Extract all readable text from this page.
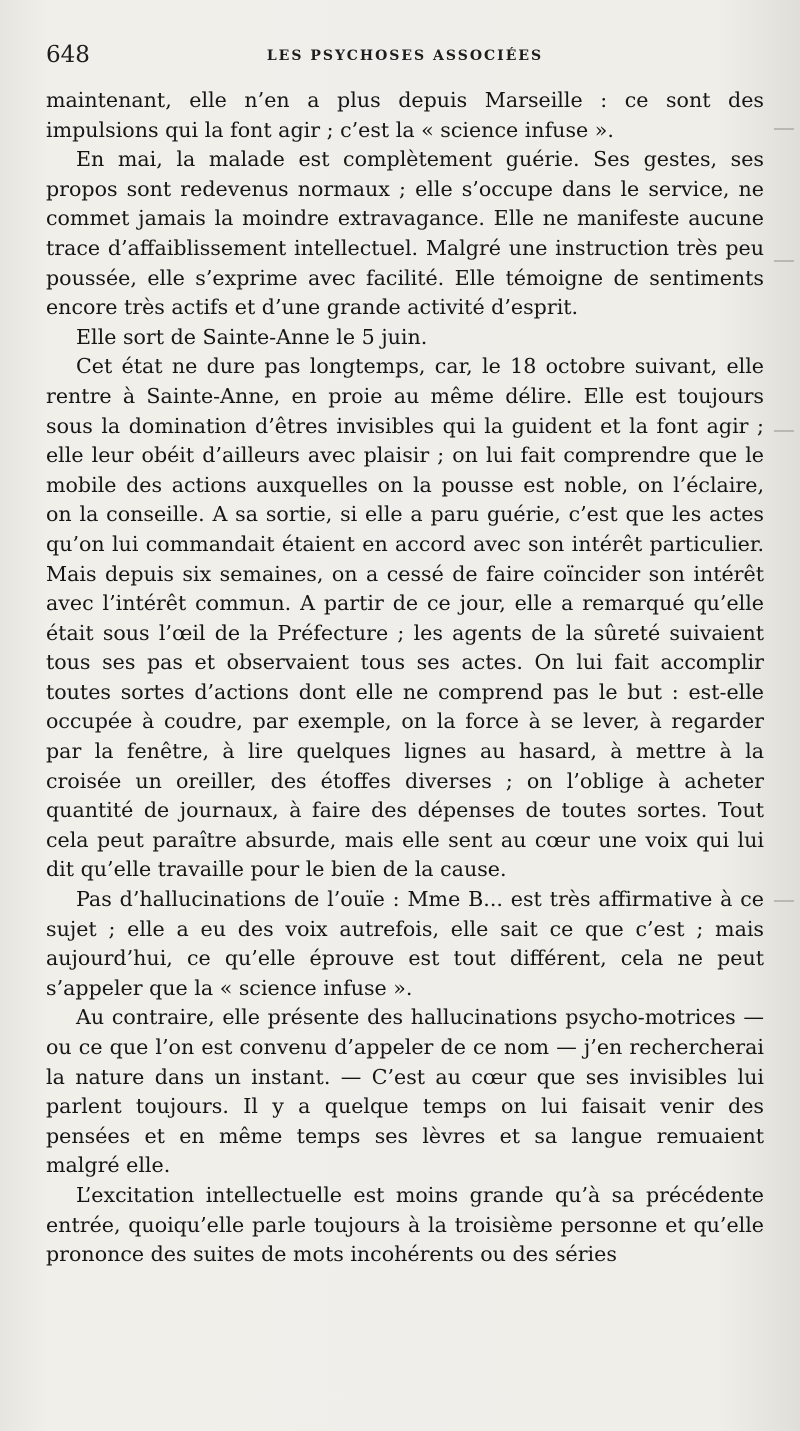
648	LES PSYCHOSES ASSOCIÉES

maintenant, elle n’en a plus depuis Marseille : ce sont des impulsions qui la font agir ; c’est la « science infuse ».

En mai, la malade est complètement guérie. Ses gestes, ses propos sont redevenus normaux ; elle s’occupe dans le service, ne commet jamais la moindre extravagance. Elle ne manifeste aucune trace d’affaiblissement intellectuel. Malgré une instruction très peu poussée, elle s’exprime avec facilité. Elle témoigne de sentiments encore très actifs et d’une grande activité d’esprit.

Elle sort de Sainte-Anne le 5 juin.

Cet état ne dure pas longtemps, car, le 18 octobre suivant, elle rentre à Sainte-Anne, en proie au même délire. Elle est toujours sous la domination d’êtres invisibles qui la guident et la font agir ; elle leur obéit d’ailleurs avec plaisir ; on lui fait comprendre que le mobile des actions auxquelles on la pousse est noble, on l’éclaire, on la conseille. A sa sortie, si elle a paru guérie, c’est que les actes qu’on lui commandait étaient en accord avec son intérêt particulier. Mais depuis six semaines, on a cessé de faire coïncider son intérêt avec l’intérêt commun. A partir de ce jour, elle a remarqué qu’elle était sous l’œil de la Préfecture ; les agents de la sûreté suivaient tous ses pas et observaient tous ses actes. On lui fait accomplir toutes sortes d’actions dont elle ne comprend pas le but : est-elle occupée à coudre, par exemple, on la force à se lever, à regarder par la fenêtre, à lire quelques lignes au hasard, à mettre à la croisée un oreiller, des étoffes diverses ; on l’oblige à acheter quantité de journaux, à faire des dépenses de toutes sortes. Tout cela peut paraître absurde, mais elle sent au cœur une voix qui lui dit qu’elle travaille pour le bien de la cause.

Pas d’hallucinations de l’ouïe : Mme B... est très affirmative à ce sujet ; elle a eu des voix autrefois, elle sait ce que c’est ; mais aujourd’hui, ce qu’elle éprouve est tout différent, cela ne peut s’appeler que la « science infuse ».

Au contraire, elle présente des hallucinations psycho-motrices — ou ce que l’on est convenu d’appeler de ce nom — j’en rechercherai la nature dans un instant. — C’est au cœur que ses invisibles lui parlent toujours. Il y a quelque temps on lui faisait venir des pensées et en même temps ses lèvres et sa langue remuaient malgré elle.

L’excitation intellectuelle est moins grande qu’à sa précédente entrée, quoiqu’elle parle toujours à la troisième personne et qu’elle prononce des suites de mots incohérents ou des séries
